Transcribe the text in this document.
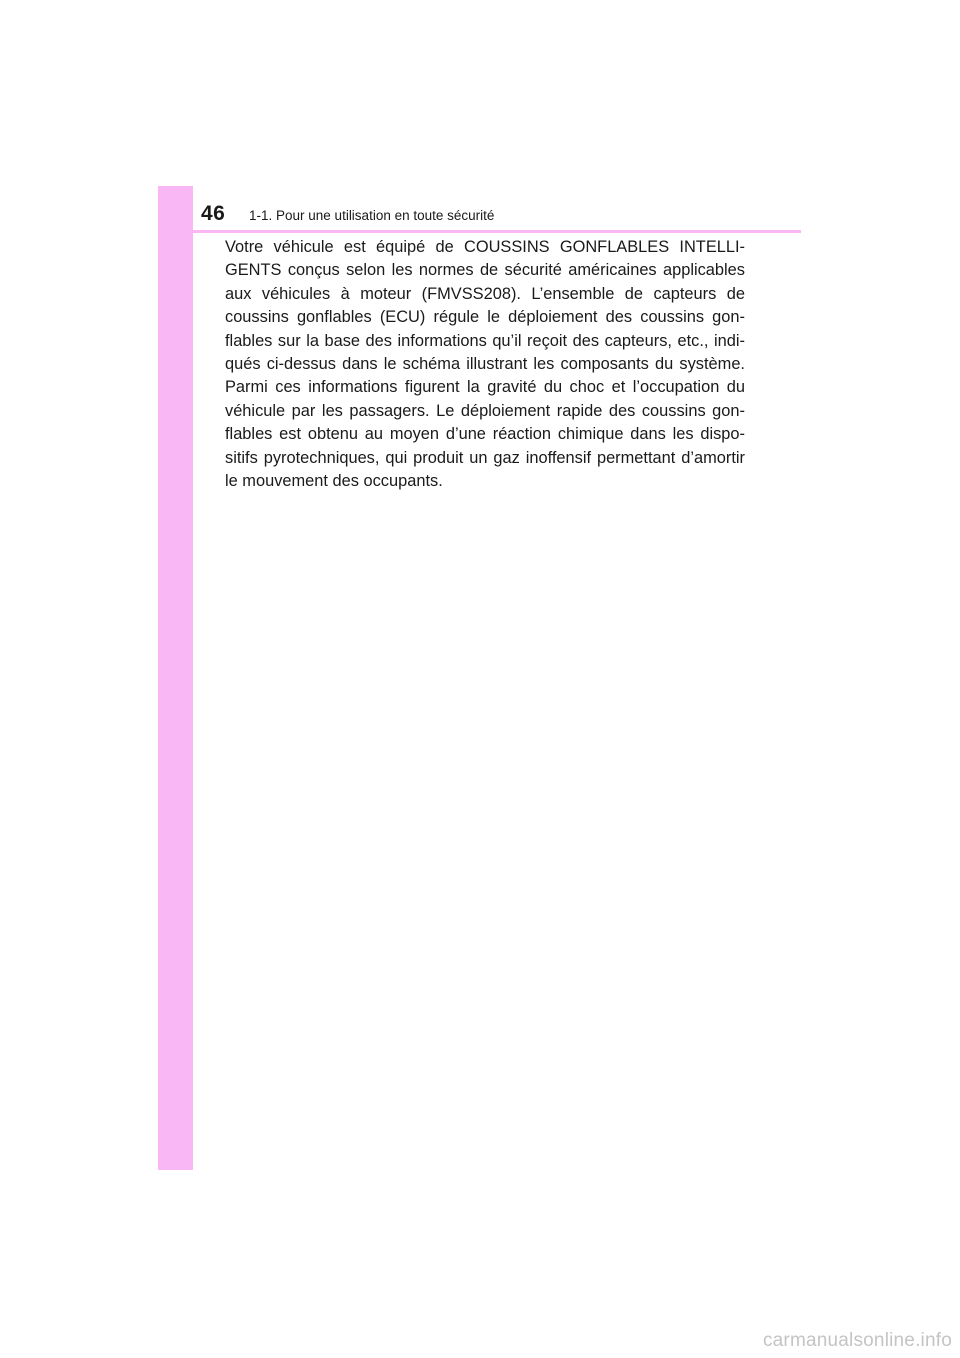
46 1-1. Pour une utilisation en toute sécurité

Votre véhicule est équipé de COUSSINS GONFLABLES INTELLI-GENTS conçus selon les normes de sécurité américaines applicables aux véhicules à moteur (FMVSS208). L’ensemble de capteurs de coussins gonflables (ECU) régule le déploiement des coussins gon-flables sur la base des informations qu’il reçoit des capteurs, etc., indi-qués ci-dessus dans le schéma illustrant les composants du système. Parmi ces informations figurent la gravité du choc et l’occupation du véhicule par les passagers. Le déploiement rapide des coussins gon-flables est obtenu au moyen d’une réaction chimique dans les dispo-sitifs pyrotechniques, qui produit un gaz inoffensif permettant d’amortir le mouvement des occupants.

carmanualsonline.info
